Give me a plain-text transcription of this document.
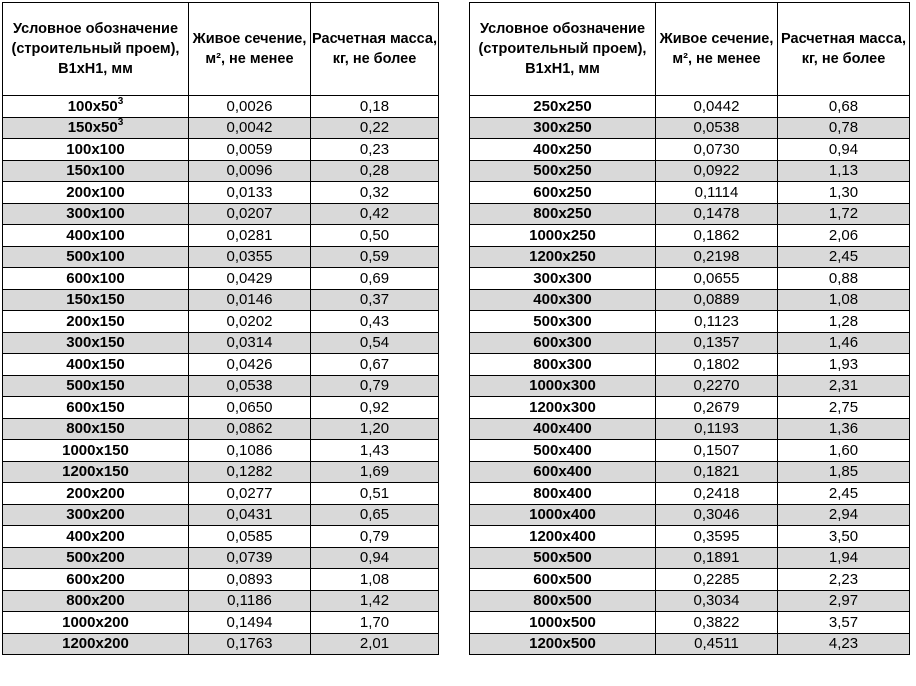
Условное обозначение (строительный проем), B1xH1, мм	Живое сечение, м², не менее	Расчетная масса, кг, не более
$100x50^3$	0,0026	0,18
$150x50^3$	0,0042	0,22
100x100	0,0059	0,23
150x100	0,0096	0,28
200x100	0,0133	0,32
300x100	0,0207	0,42
400x100	0,0281	0,50
500x100	0,0355	0,59
600x100	0,0429	0,69
150x150	0,0146	0,37
200x150	0,0202	0,43
300x150	0,0314	0,54
400x150	0,0426	0,67
500x150	0,0538	0,79
600x150	0,0650	0,92
800x150	0,0862	1,20
1000x150	0,1086	1,43
1200x150	0,1282	1,69
200x200	0,0277	0,51
300x200	0,0431	0,65
400x200	0,0585	0,79
500x200	0,0739	0,94
600x200	0,0893	1,08
800x200	0,1186	1,42
1000x200	0,1494	1,70
1200x200	0,1763	2,01
Условное обозначение (строительный проем), B1xH1, мм	Живое сечение, м², не менее	Расчетная масса, кг, не более
250x250	0,0442	0,68
300x250	0,0538	0,78
400x250	0,0730	0,94
500x250	0,0922	1,13
600x250	0,1114	1,30
800x250	0,1478	1,72
1000x250	0,1862	2,06
1200x250	0,2198	2,45
300x300	0,0655	0,88
400x300	0,0889	1,08
500x300	0,1123	1,28
600x300	0,1357	1,46
800x300	0,1802	1,93
1000x300	0,2270	2,31
1200x300	0,2679	2,75
400x400	0,1193	1,36
500x400	0,1507	1,60
600x400	0,1821	1,85
800x400	0,2418	2,45
1000x400	0,3046	2,94
1200x400	0,3595	3,50
500x500	0,1891	1,94
600x500	0,2285	2,23
800x500	0,3034	2,97
1000x500	0,3822	3,57
1200x500	0,4511	4,23
